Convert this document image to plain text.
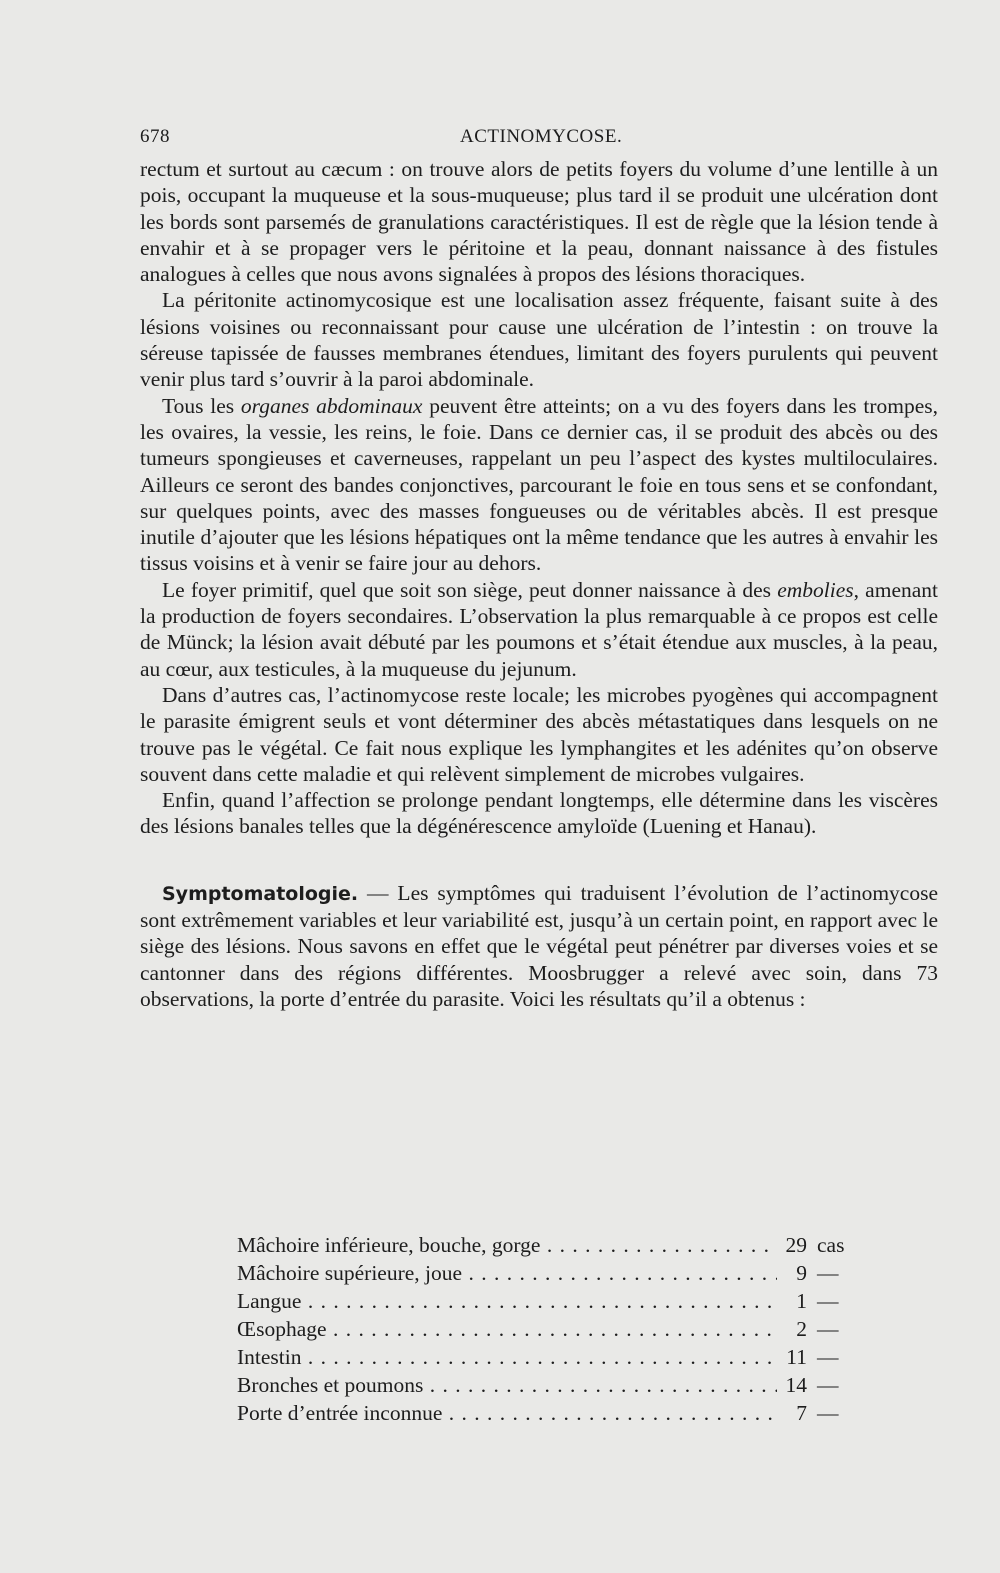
678	ACTINOMYCOSE.

rectum et surtout au cæcum : on trouve alors de petits foyers du volume d’une lentille à un pois, occupant la muqueuse et la sous-muqueuse; plus tard il se produit une ulcération dont les bords sont parsemés de granulations caractéristiques. Il est de règle que la lésion tende à envahir et à se propager vers le péritoine et la peau, donnant naissance à des fistules analogues à celles que nous avons signalées à propos des lésions thoraciques.

La péritonite actinomycosique est une localisation assez fréquente, faisant suite à des lésions voisines ou reconnaissant pour cause une ulcération de l’intestin : on trouve la séreuse tapissée de fausses membranes étendues, limitant des foyers purulents qui peuvent venir plus tard s’ouvrir à la paroi abdominale.

Tous les organes abdominaux peuvent être atteints; on a vu des foyers dans les trompes, les ovaires, la vessie, les reins, le foie. Dans ce dernier cas, il se produit des abcès ou des tumeurs spongieuses et caverneuses, rappelant un peu l’aspect des kystes multiloculaires. Ailleurs ce seront des bandes conjonctives, parcourant le foie en tous sens et se confondant, sur quelques points, avec des masses fongueuses ou de véritables abcès. Il est presque inutile d’ajouter que les lésions hépatiques ont la même tendance que les autres à envahir les tissus voisins et à venir se faire jour au dehors.

Le foyer primitif, quel que soit son siège, peut donner naissance à des embolies, amenant la production de foyers secondaires. L’observation la plus remarquable à ce propos est celle de Münck; la lésion avait débuté par les poumons et s’était étendue aux muscles, à la peau, au cœur, aux testicules, à la muqueuse du jejunum.

Dans d’autres cas, l’actinomycose reste locale; les microbes pyogènes qui accompagnent le parasite émigrent seuls et vont déterminer des abcès métastatiques dans lesquels on ne trouve pas le végétal. Ce fait nous explique les lymphangites et les adénites qu’on observe souvent dans cette maladie et qui relèvent simplement de microbes vulgaires.

Enfin, quand l’affection se prolonge pendant longtemps, elle détermine dans les viscères des lésions banales telles que la dégénérescence amyloïde (Luening et Hanau).

Symptomatologie. — Les symptômes qui traduisent l’évolution de l’actinomycose sont extrêmement variables et leur variabilité est, jusqu’à un certain point, en rapport avec le siège des lésions. Nous savons en effet que le végétal peut pénétrer par diverses voies et se cantonner dans des régions différentes. Moosbrugger a relevé avec soin, dans 73 observations, la porte d’entrée du parasite. Voici les résultats qu’il a obtenus :

Mâchoire inférieure, bouche, gorge . . .	29 cas
Mâchoire supérieure, joue . . .	9 —
Langue . . .	1 —
Œsophage . . .	2 —
Intestin . . .	11 —
Bronches et poumons . . .	14 —
Porte d’entrée inconnue . . .	7 —
